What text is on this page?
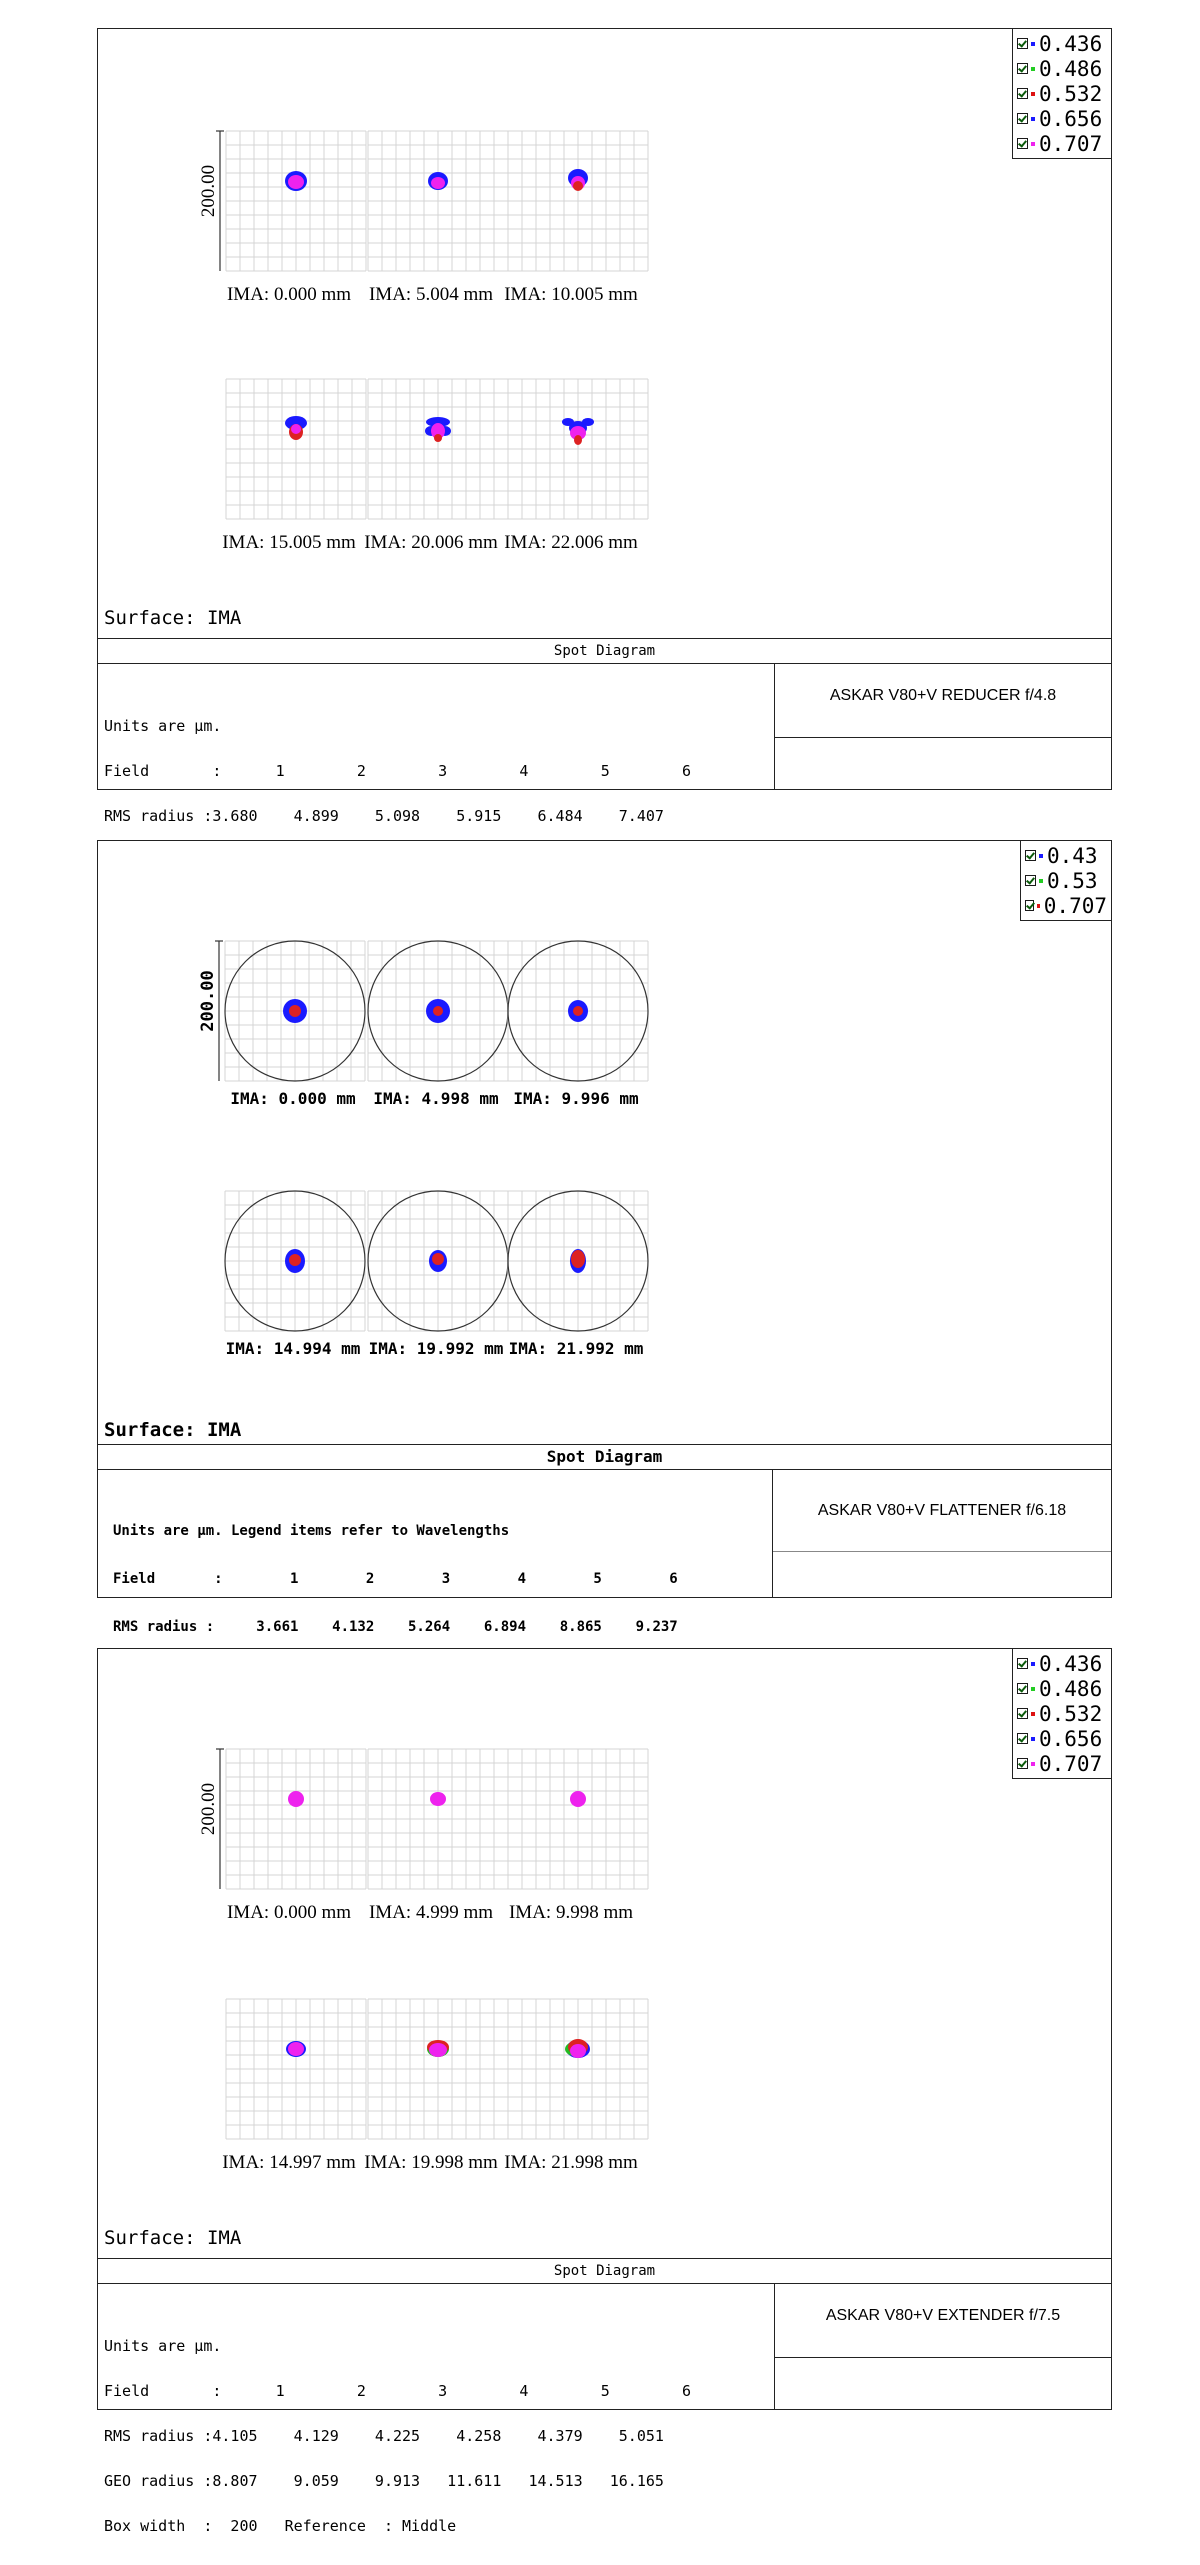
IMA: 0.000 mm IMA: 5.004 mm IMA: 10.005 mm
IMA: 15.005 mm IMA: 20.006 mm IMA: 22.006 mm
200.00
0.436
0.486
0.532
0.656
0.707
Surface: IMA
Spot Diagram

Units are µm.

Field       :      1        2        3        4        5        6

RMS radius :3.680    4.899    5.098    5.915    6.484    7.407

ASKAR V80+V REDUCER f/4.8
IMA: 0.000 mm IMA: 4.998 mm IMA: 9.996 mm
IMA: 14.994 mm IMA: 19.992 mm IMA: 21.992 mm
200.00
0.43
0.53
0.707
Surface: IMA
Spot Diagram

Units are µm. Legend items refer to Wavelengths

Field       :        1        2        3        4        5        6

RMS radius :     3.661    4.132    5.264    6.894    8.865    9.237

ASKAR V80+V FLATTENER f/6.18
IMA: 0.000 mm IMA: 4.999 mm IMA: 9.998 mm
IMA: 14.997 mm IMA: 19.998 mm IMA: 21.998 mm
200.00
0.436
0.486
0.532
0.656
0.707
Surface: IMA
Spot Diagram

Units are µm.

Field       :      1        2        3        4        5        6

RMS radius :4.105    4.129    4.225    4.258    4.379    5.051

GEO radius :8.807    9.059    9.913   11.611   14.513   16.165

Box width  :  200   Reference  : Middle

ASKAR V80+V EXTENDER f/7.5
